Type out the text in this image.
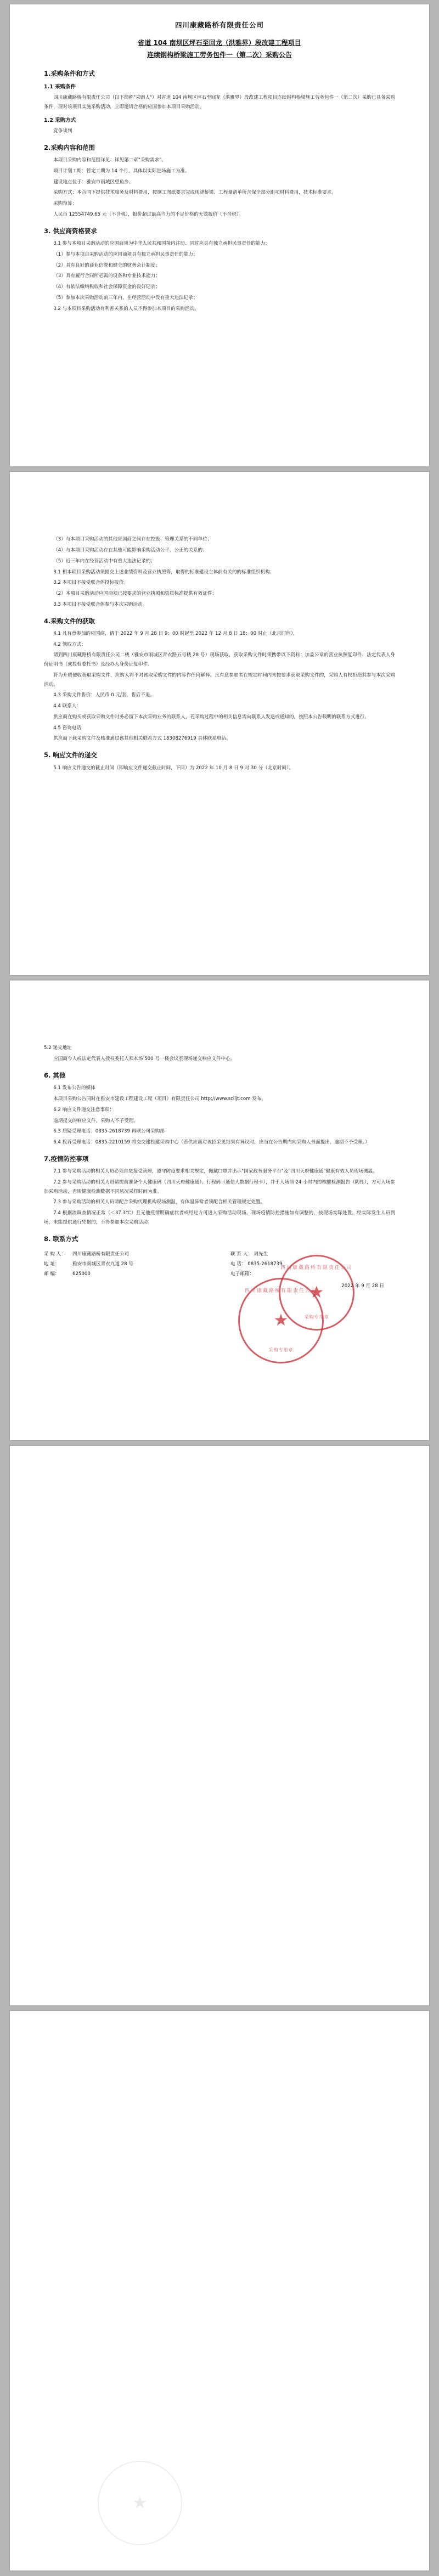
四川康藏路桥有限责任公司
省道 104 南坝区坪石至回龙（洪雅界）段改建工程项目
连续钢构桥梁施工劳务包件一（第二次）采购公告
1.采购条件和方式
1.1 采购条件

四川康藏路桥有限责任公司（以下简称"采购人"）对省道 104 南坝区坪石至回龙（洪雅界）段改建工程项目连续钢构桥梁施工劳务包件一（第二次）采购已具备采购条件，现对该项目实施采购活动，立即邀请合格的应国参加本项目采购活动。

1.2 采购方式

竞争谈判

2.采购内容和范围

本项目采购内容和范围详见：详见第二章"采购需求"。

项目计划工期：暂定工期为 14 个月，具体以实际进场施工为准。

建设地点位于：雅安市雨城区望鱼乡。

采购方式：本合同下提供技术服务及材料费用，按施工图纸要求完成现浇桥梁、工程量清单所含保全部分组项材料费用，技术标准要求。

采购预算：

人民币 12554749.65 元（不含税），报价超过最高当力的不足价格的无效报价（不含税）。

3. 供应商资格要求

3.1 参与本项目采购活动的应国商须为中华人民共和国境内注册、同时应具有独立承担民事责任的能力：

（1）参与本项目采购活动的应国商须具有独立承担民事责任的能力；

（2）具有良好的商业信誉和健全的财务会计制度；

（3）具有履行合同所必需的设备和专业技术能力；

（4）有依法缴纳税收和社会保障资金的良好记录；

（5）参加本次采购活动前三年内，在经营活动中没有重大违法记录；

3.2 与本项目采购活动有利害关系的人员不得参加本项目的采购活动。

（3）与本项目采购活动的其他应国商之间存在控股、管理关系的不同单位；

（4）与本项目采购活动存在其他可能影响采购活动公平、公正的关系的；

（5）近三年内在经营活动中有重大违法记录的；

3.1 相本项目采购活动须提交上述业绩资料及营业执照等，取得的标准建设主体前有关的的标准组织机构；

3.2 本项目不接受联合体投标报价。

（2）本项目采购活动应国商须已按要求的营业执照和资质标准提供有效证件；

3.3 本项目不接受联合体参与本次采购活动。

4.采购文件的获取

4.1 凡有意参加的应国商，请于 2022 年 9 月 28 日 9：00 时起至 2022 年 12 月 8 日 18：00 时止（北京时间），

4.2 领取方式：

请到四川康藏路桥有限责任公司二楼（雅安市雨城区青衣路五号楼 28 号）现场获取，获取采购文件时须携带以下资料：加盖公章的营业执照复印件、法定代表人身份证明书（或授权委托书）及经办人身份证复印件。

符为介质便收获取采购文件，应购人将不对该取采购文件的内容作任何解释。凡有意参加者在规定时间内未按要求获取采购文件的，采购人有权拒绝其参与本次采购活动。

4.3 采购文件售价：人民币 0 元/套，售后不退。

4.4 联系人：

供应商在购买或获取采购文件时务必留下本次采购业务的联系人，若采购过程中的相关信息需向联系人发送或通知的，按照本公告载明的联系方式进行。

4.5 咨询电话

供应商下载采购文件及核准通过该其他相关联系方式 18308276919 具体联系电话。

5. 响应文件的递交

5.1 响应文件递交的截止时间（即响应文件递交截止时间，下同）为 2022 年 10 月 8 日 9 时 30 分（北京时间）。

5.2 递交地址

应国商今人或法定代表人授权委托人须本场 500 号一楼会议室现场递交响应文件中心。

6. 其他

6.1 发布公告的媒体

本项目采购公告同时在雅安市建设工程建设工程（项目）有限责任公司 http://www.sclljt.com 发布。

6.2 响应文件递交注意事项：

逾期提交的响应文件，采购人不予受理。

6.3 质疑受理电话：0835-2618739 再联公司采购部

6.4 投诉受理电话：0835-2210159 将交交建投建采购中心（若供应商对该招采见结果有异议时，应当在公告期内向采购人书面提出，逾期不予受理。）

7.疫情防控事项

7.1 参与采购活动的相关人员必须自觉接受管理，遵守防疫要求相关规定，佩戴口罩并出示"国家政务服务平台"及"四川天府健康通"健康有效人员现场测温。

7.2 参与采购活动的相关人员请提前准备个人健康码（四川天府健康通）、行程码（通信大数据行程卡），并于入场前 24 小时内的核酸检测报告（阴性），方可入场参加采购活动，否则健康检测数据不同风况采样时间为准。

7.3 参与采购活动的相关人员请配合采购代理机构现场测温，有体温异常者须配合相关管理规定处置。

7.4 根据流调查情况正常（＜37.3℃）且无他疫情明确症状者或经过方可进入采购活动现场。现场疫情防控措施如有调整的，按现场实际处置，经实际发生人员到场，未能提供通行凭据的，不得参加本次采购活动。

8. 联系方式
采 购 人：	四川康藏路桥有限责任公司	联 系 人： 周先生
地 址：	雅安市雨城区青衣九道 28 号	电 话： 0835-2618739
邮 编：	625000	电子邮箱：
四川康藏路桥有限责任公司
★
采购专用章
四川康藏路桥有限责任公司
★
采购专用章
2022 年 9 月 28 日
★
